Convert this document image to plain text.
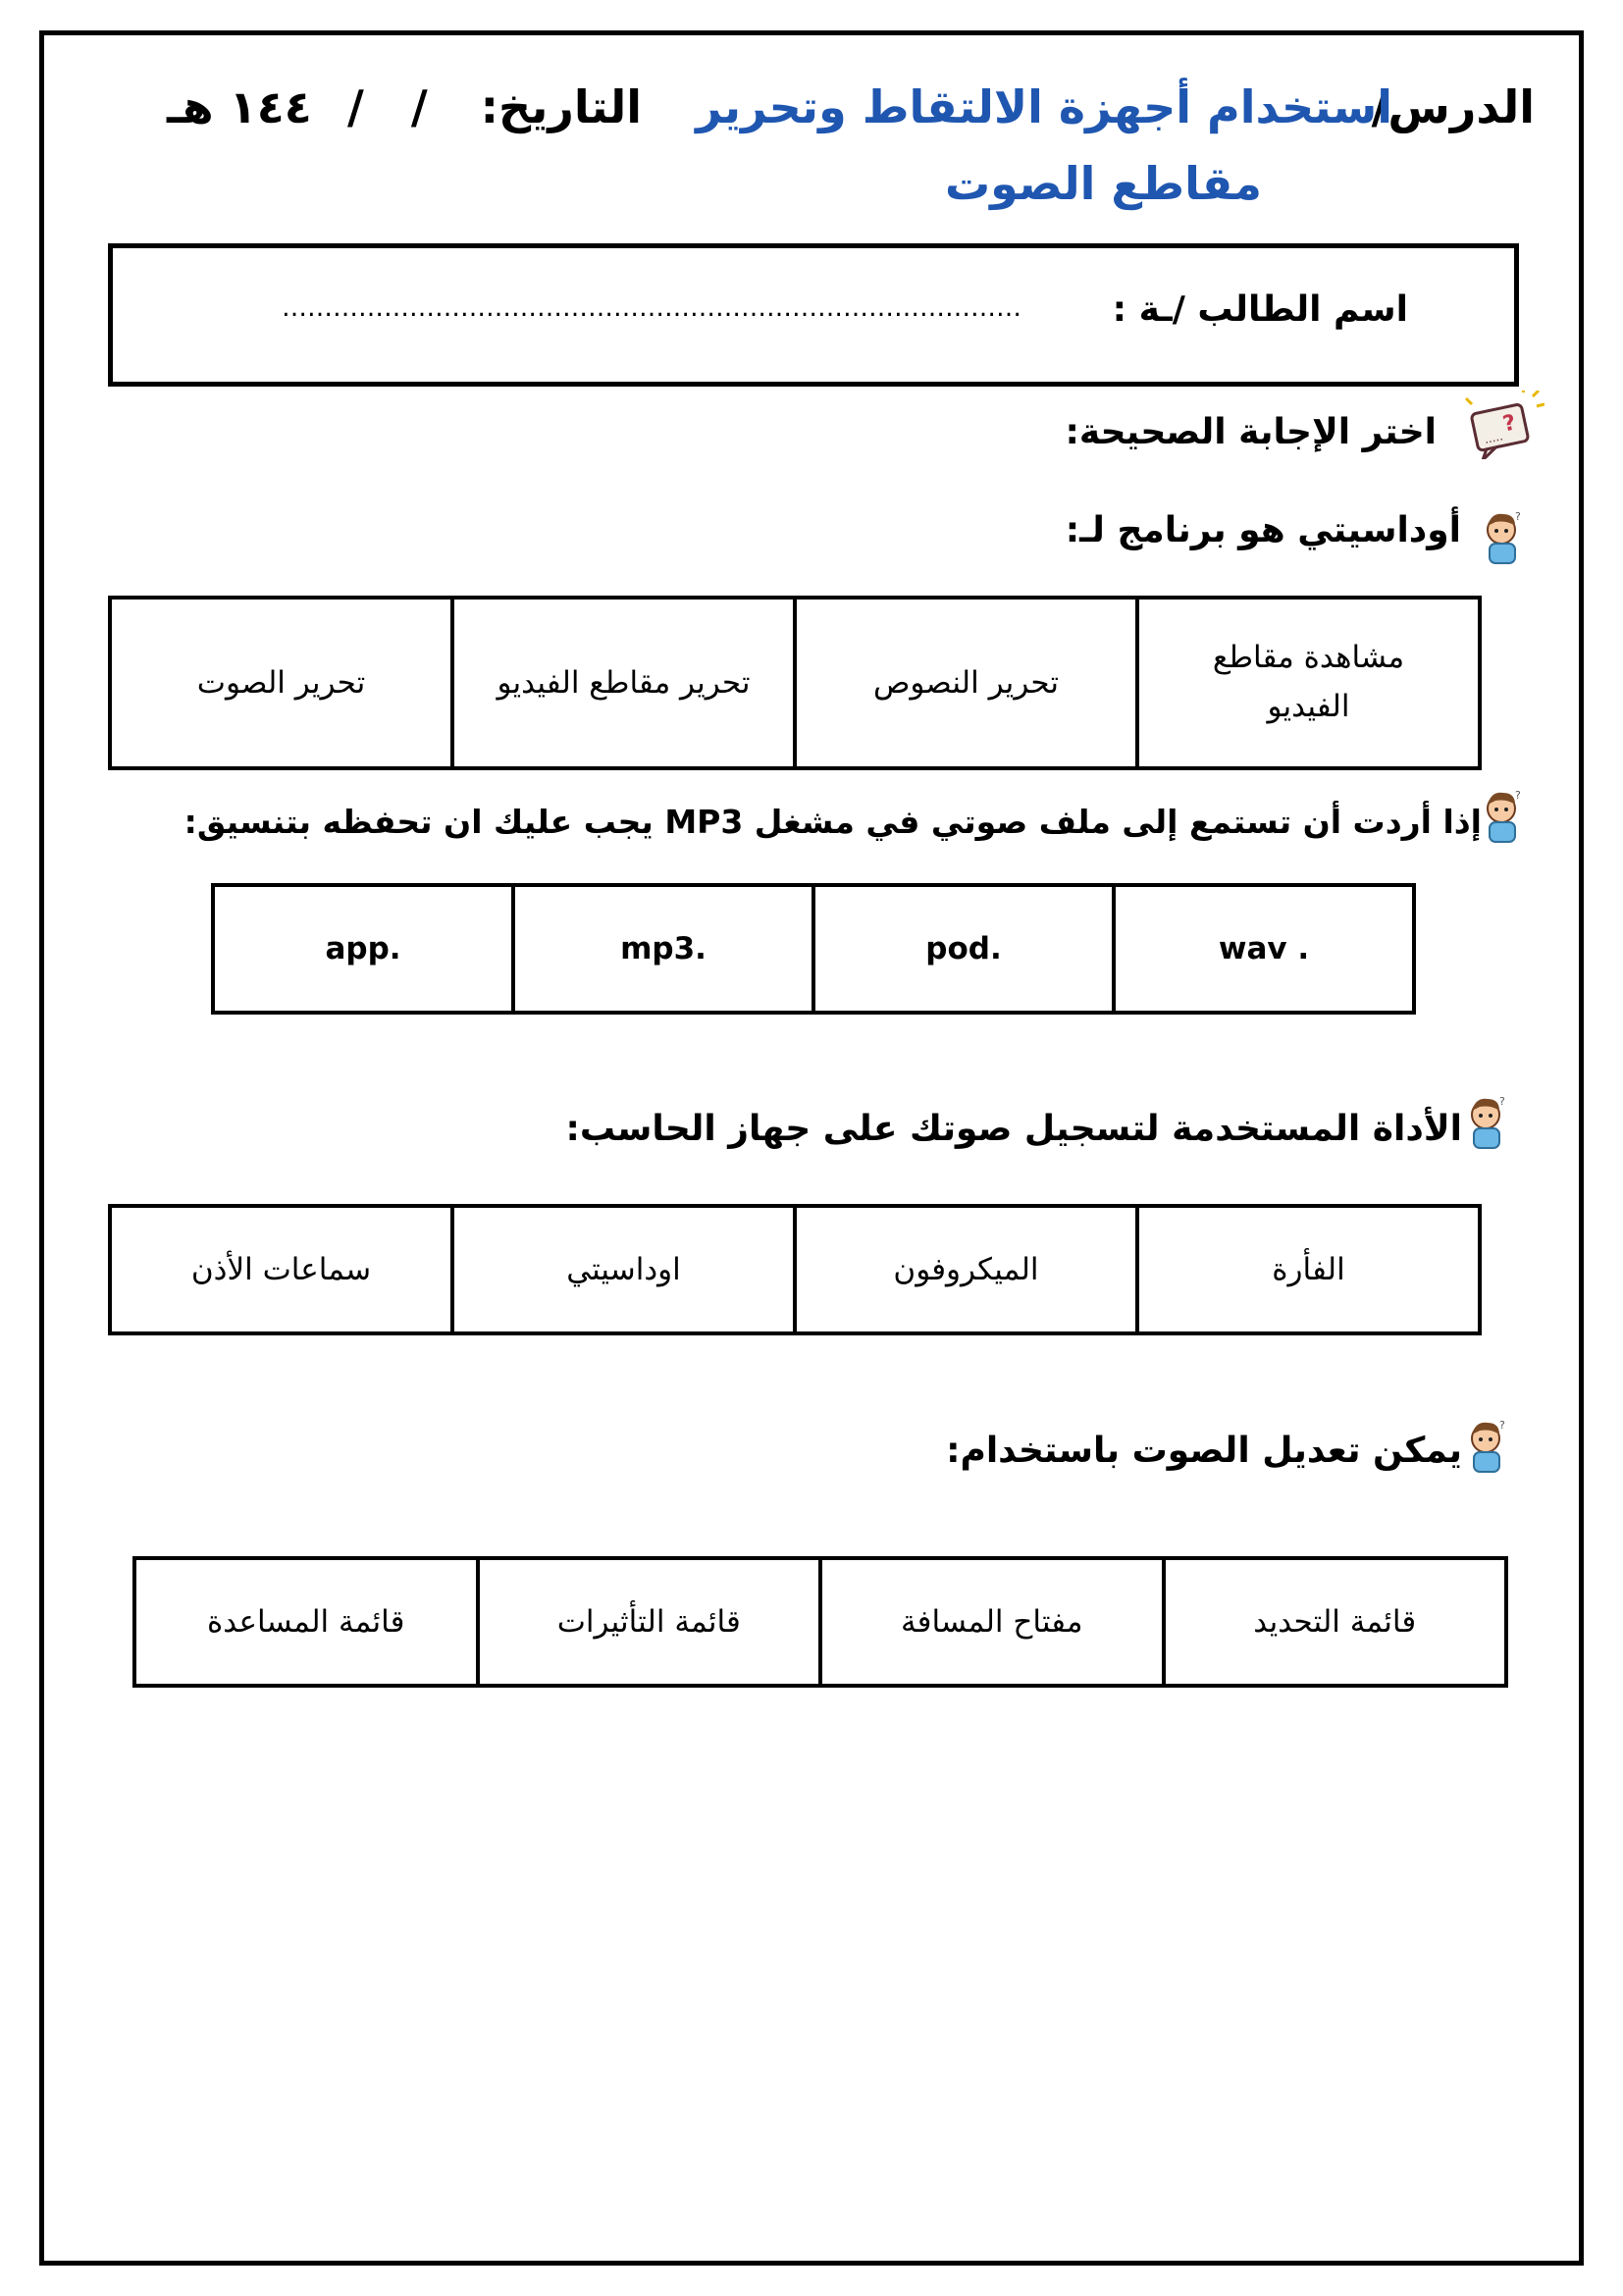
الدرس/
استخدام أجهزة الالتقاط وتحرير
مقاطع الصوت
التاريخ:
/   /
١٤٤ هـ
اسم الطالب /ـة :
……………………………………………………………………………
?
.....
اختر الإجابة الصحيحة:
?
أوداسيتي هو برنامج لـ:
مشاهدة مقاطع الفيديو	تحرير النصوص	تحرير مقاطع الفيديو	تحرير الصوت
?
إذا أردت أن تستمع إلى ملف صوتي في مشغل MP3 يجب عليك ان تحفظه بتنسيق:
wav .	pod.	mp3.	app.
?
الأداة المستخدمة لتسجيل صوتك على جهاز الحاسب:
الفأرة	الميكروفون	اوداسيتي	سماعات الأذن
?
يمكن تعديل الصوت باستخدام:
قائمة التحديد	مفتاح المسافة	قائمة التأثيرات	قائمة المساعدة
